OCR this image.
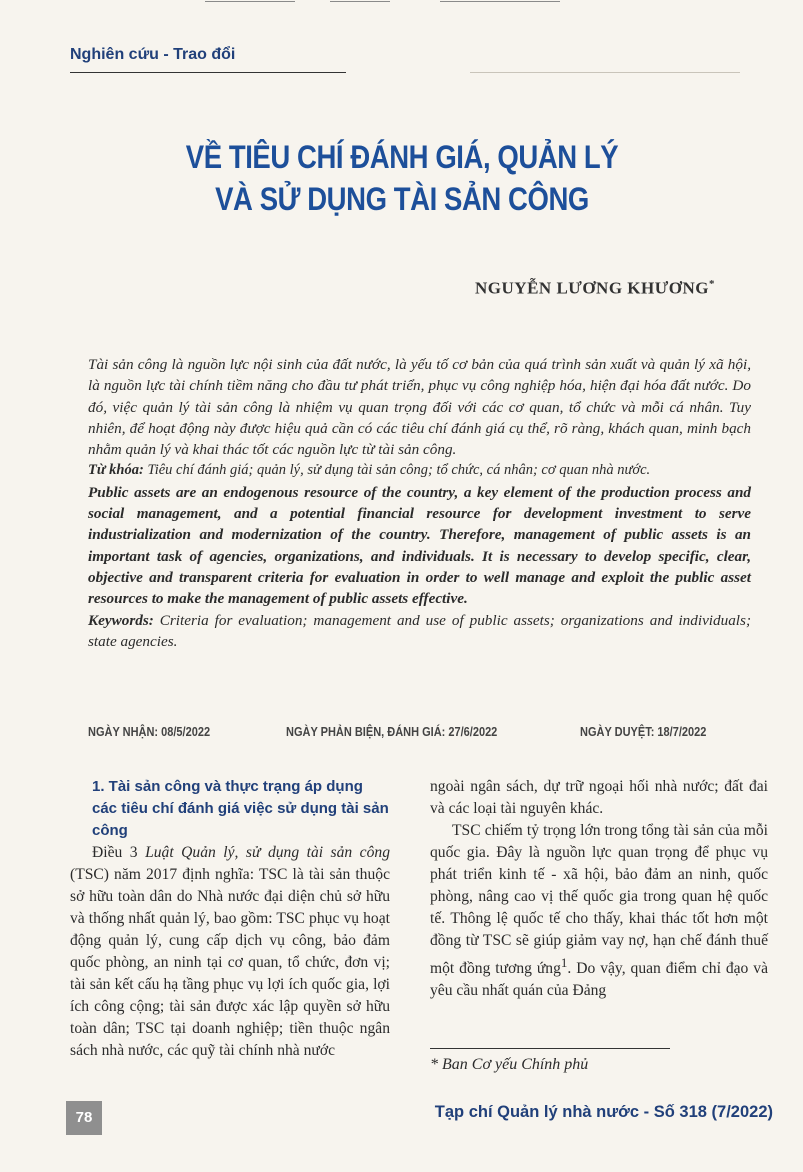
Nghiên cứu - Trao đổi
VỀ TIÊU CHÍ ĐÁNH GIÁ, QUẢN LÝ
VÀ SỬ DỤNG TÀI SẢN CÔNG
NGUYỄN LƯƠNG KHƯƠNG*

Tài sản công là nguồn lực nội sinh của đất nước, là yếu tố cơ bản của quá trình sản xuất và quản lý xã hội, là nguồn lực tài chính tiềm năng cho đầu tư phát triển, phục vụ công nghiệp hóa, hiện đại hóa đất nước. Do đó, việc quản lý tài sản công là nhiệm vụ quan trọng đối với các cơ quan, tổ chức và mỗi cá nhân. Tuy nhiên, để hoạt động này được hiệu quả cần có các tiêu chí đánh giá cụ thể, rõ ràng, khách quan, minh bạch nhằm quản lý và khai thác tốt các nguồn lực từ tài sản công.

Từ khóa: Tiêu chí đánh giá; quản lý, sử dụng tài sản công; tổ chức, cá nhân; cơ quan nhà nước.

Public assets are an endogenous resource of the country, a key element of the production process and social management, and a potential financial resource for development investment to serve industrialization and modernization of the country. Therefore, management of public assets is an important task of agencies, organizations, and individuals. It is necessary to develop specific, clear, objective and transparent criteria for evaluation in order to well manage and exploit the public asset resources to make the management of public assets effective.

Keywords: Criteria for evaluation; management and use of public assets; organizations and individuals; state agencies.

NGÀY NHẬN: 08/5/2022	NGÀY PHẢN BIỆN, ĐÁNH GIÁ: 27/6/2022	NGÀY DUYỆT: 18/7/2022

1. Tài sản công và thực trạng áp dụng các tiêu chí đánh giá việc sử dụng tài sản công

Điều 3 Luật Quản lý, sử dụng tài sản công (TSC) năm 2017 định nghĩa: TSC là tài sản thuộc sở hữu toàn dân do Nhà nước đại diện chủ sở hữu và thống nhất quản lý, bao gồm: TSC phục vụ hoạt động quản lý, cung cấp dịch vụ công, bảo đảm quốc phòng, an ninh tại cơ quan, tổ chức, đơn vị; tài sản kết cấu hạ tầng phục vụ lợi ích quốc gia, lợi ích công cộng; tài sản được xác lập quyền sở hữu toàn dân; TSC tại doanh nghiệp; tiền thuộc ngân sách nhà nước, các quỹ tài chính nhà nước

ngoài ngân sách, dự trữ ngoại hối nhà nước; đất đai và các loại tài nguyên khác.

TSC chiếm tỷ trọng lớn trong tổng tài sản của mỗi quốc gia. Đây là nguồn lực quan trọng để phục vụ phát triển kinh tế - xã hội, bảo đảm an ninh, quốc phòng, nâng cao vị thế quốc gia trong quan hệ quốc tế. Thông lệ quốc tế cho thấy, khai thác tốt hơn một đồng từ TSC sẽ giúp giảm vay nợ, hạn chế đánh thuế một đồng tương ứng$^1$. Do vậy, quan điểm chỉ đạo và yêu cầu nhất quán của Đảng

* Ban Cơ yếu Chính phủ
78	Tạp chí Quản lý nhà nước - Số 318 (7/2022)
